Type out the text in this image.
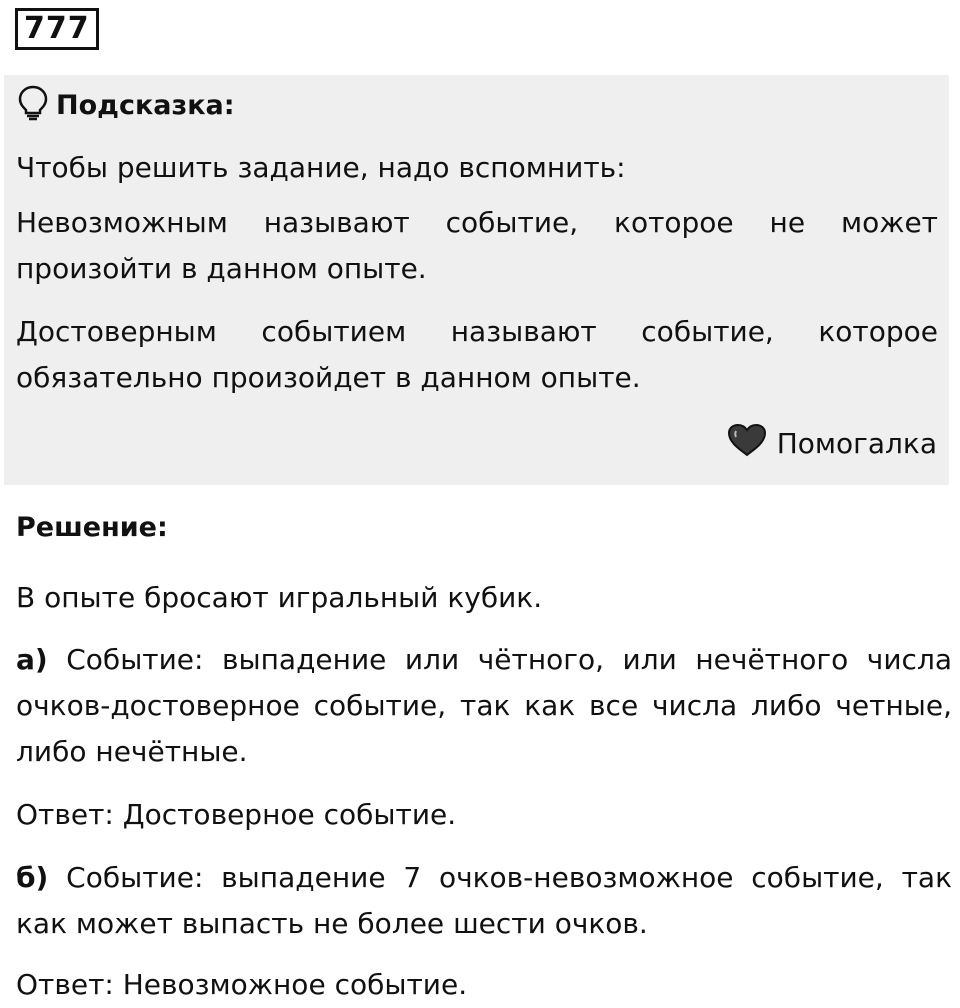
777
Подсказка:
Чтобы решить задание, надо вспомнить:

Невозможным называют событие, которое не может произойти в данном опыте.

Достоверным событием называют событие, которое обязательно произойдет в данном опыте.

Помогалка
Решение:

В опыте бросают игральный кубик.

а) Событие: выпадение или чётного, или нечётного числа очков-достоверное событие, так как все числа либо четные, либо нечётные.

Ответ: Достоверное событие.

б) Событие: выпадение 7 очков-невозможное событие, так как может выпасть не более шести очков.

Ответ: Невозможное событие.
